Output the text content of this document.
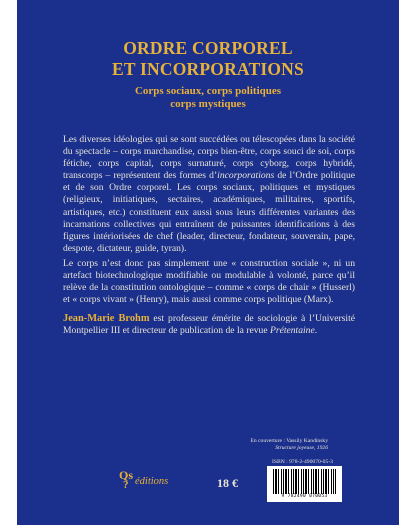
ORDRE CORPOREL
ET INCORPORATIONS
Corps sociaux, corps politiques
corps mystiques

Les diverses idéologies qui se sont succédées ou télescopées dans la société du spectacle – corps marchandise, corps bien-être, corps souci de soi, corps fétiche, corps capital, corps surnaturé, corps cyborg, corps hybridé, transcorps – représentent des formes d’incorporations de l’Ordre politique et de son Ordre corporel. Les corps sociaux, politiques et mystiques (religieux, initiatiques, sectaires, académiques, militaires, sportifs, artistiques, etc.) constituent eux aussi sous leurs différentes variantes des incarnations collectives qui entraînent de puissantes identifications à des figures intériorisées de chef (leader, directeur, fondateur, souverain, pape, despote, dictateur, guide, tyran).

Le corps n’est donc pas simplement une « construction sociale », ni un artefact biotechnologique modifiable ou modulable à volonté, parce qu’il relève de la constitution ontologique – comme « corps de chair » (Husserl) et « corps vivant » (Henry), mais aussi comme corps politique (Marx).

Jean-Marie Brohm est professeur émérite de sociologie à l’Université Montpellier III et directeur de publication de la revue Prétentaine.

En couverture : Vassily Kandinsky
Structure joyeuse, 1926
ISBN : 978-2-490070-05-3
9 782490 070053
Qs
? éditions	18 €
